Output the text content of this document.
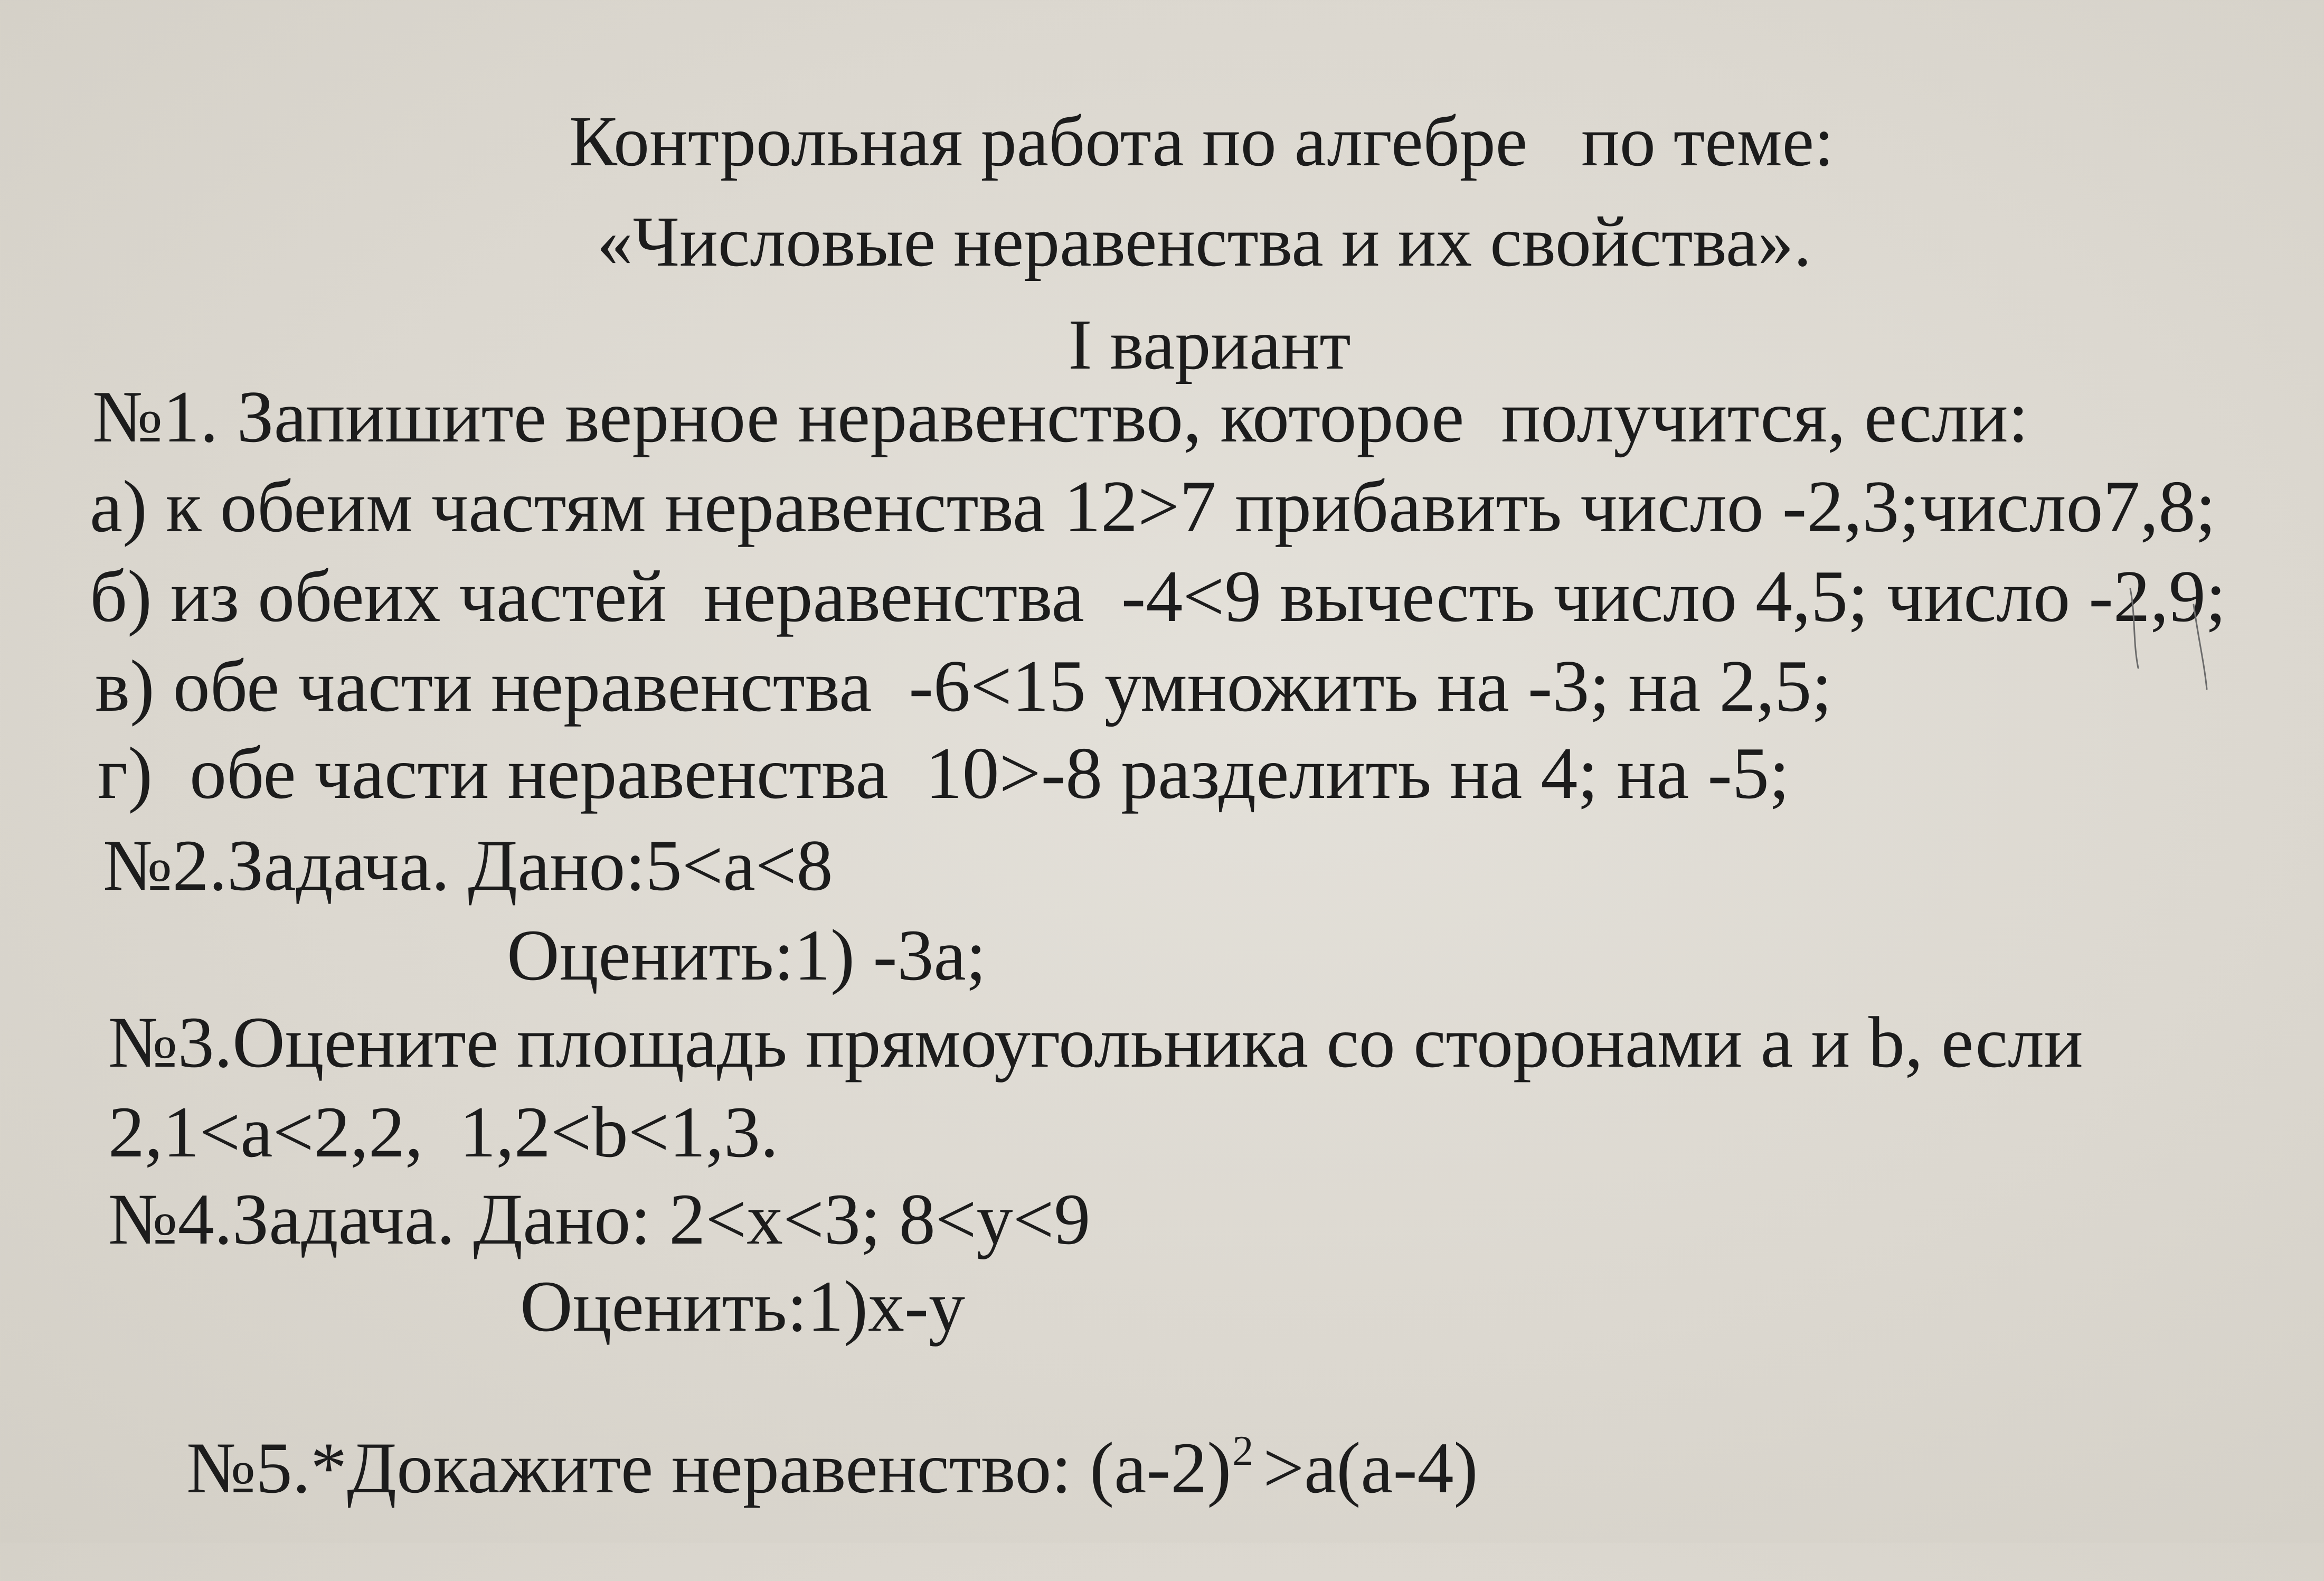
Контрольная работа по алгебре   по теме:
«Числовые неравенства и их свойства».
I вариант
№1. Запишите верное неравенство, которое  получится, если:
а) к обеим частям неравенства 12>7 прибавить число -2,3;число7,8;
б) из обеих частей  неравенства  -4<9 вычесть число 4,5; число -2,9;
в) обе части неравенства  -6<15 умножить на -3; на 2,5;
г)  обе части неравенства  10>-8 разделить на 4; на -5;
№2.Задача. Дано:5<a<8
Оценить:1) -3а;
№3.Оцените площадь прямоугольника со сторонами а и b, если
2,1<a<2,2,  1,2<b<1,3.
№4.Задача. Дано: 2<x<3; 8<y<9
Оценить:1)x-y

№5.*Докажите неравенство: $(а-2)^2 >а(а-4)$
